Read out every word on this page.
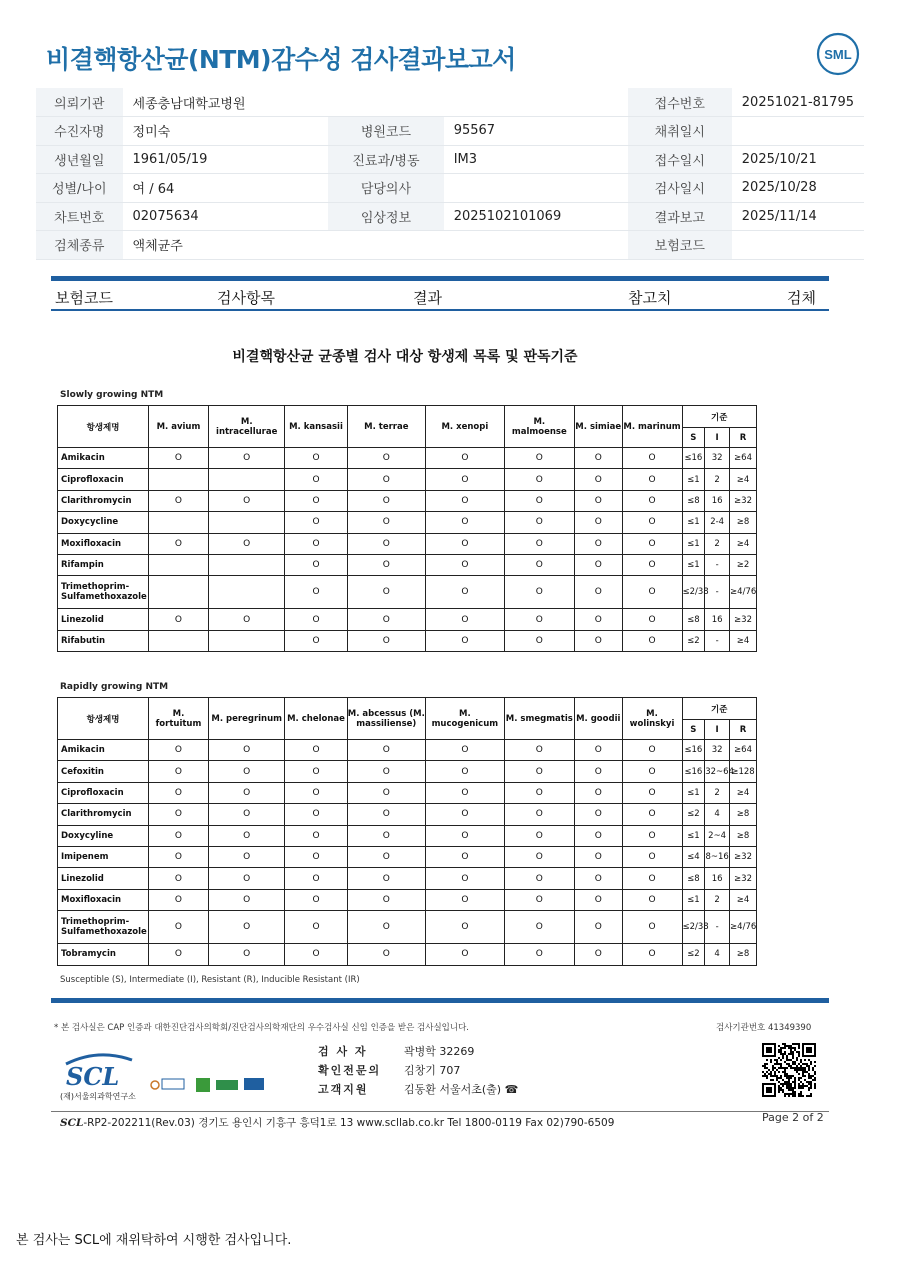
비결핵항산균(NTM)감수성 검사결과보고서	SML
의뢰기관	세종충남대학교병원					접수번호	20251021-81795
수진자명	정미숙		병원코드	95567		채취일시	
생년월일	1961/05/19		진료과/병동	IM3		접수일시	2025/10/21
성별/나이	여 / 64		담당의사			검사일시	2025/10/28
차트번호	02075634		임상정보	2025102101069		결과보고	2025/11/14
검체종류	액체균주					보험코드	
보험코드	검사항목	결과	참고치	검체
비결핵항산균 균종별 검사 대상 항생제 목록 및 판독기준
Slowly growing NTM
항생제명	M. avium	M. intracellurae	M. kansasii	M. terrae	M. xenopi	M. malmoense	M. simiae	M. marinum	기준		
									S	I	R
Amikacin	O	O	O	O	O	O	O	O	≤16	32	≥64
Ciprofloxacin			O	O	O	O	O	O	≤1	2	≥4
Clarithromycin	O	O	O	O	O	O	O	O	≤8	16	≥32
Doxycycline			O	O	O	O	O	O	≤1	2-4	≥8
Moxifloxacin	O	O	O	O	O	O	O	O	≤1	2	≥4
Rifampin			O	O	O	O	O	O	≤1	-	≥2
Trimethoprim-Sulfamethoxazole			O	O	O	O	O	O	≤2/38	-	≥4/76
Linezolid	O	O	O	O	O	O	O	O	≤8	16	≥32
Rifabutin			O	O	O	O	O	O	≤2	-	≥4
Rapidly growing NTM
항생제명	M. fortuitum	M. peregrinum	M. chelonae	M. abcessus (M. massiliense)	M. mucogenicum	M. smegmatis	M. goodii	M. wolinskyi	기준		
									S	I	R
Amikacin	O	O	O	O	O	O	O	O	≤16	32	≥64
Cefoxitin	O	O	O	O	O	O	O	O	≤16	32~64	≥128
Ciprofloxacin	O	O	O	O	O	O	O	O	≤1	2	≥4
Clarithromycin	O	O	O	O	O	O	O	O	≤2	4	≥8
Doxycyline	O	O	O	O	O	O	O	O	≤1	2~4	≥8
Imipenem	O	O	O	O	O	O	O	O	≤4	8~16	≥32
Linezolid	O	O	O	O	O	O	O	O	≤8	16	≥32
Moxifloxacin	O	O	O	O	O	O	O	O	≤1	2	≥4
Trimethoprim-Sulfamethoxazole	O	O	O	O	O	O	O	O	≤2/38	-	≥4/76
Tobramycin	O	O	O	O	O	O	O	O	≤2	4	≥8
Susceptible (S), Intermediate (I), Resistant (R), Inducible Resistant (IR)
* 본 검사실은 CAP 인증과 대한진단검사의학회/진단검사의학재단의 우수검사실 신임 인증을 받은 검사실입니다.	검사기관번호 41349390
SCL
(재)서울의과학연구소
검 사 자	곽병학 32269
확인전문의	김창기 707
고객지원	김동환 서울서초(출) ☎
SCL-RP2-202211(Rev.03) 경기도 용인시 기흥구 흥덕1로 13 www.scllab.co.kr Tel 1800-0119 Fax 02)790-6509	Page 2 of 2
본 검사는 SCL에 재위탁하여 시행한 검사입니다.
